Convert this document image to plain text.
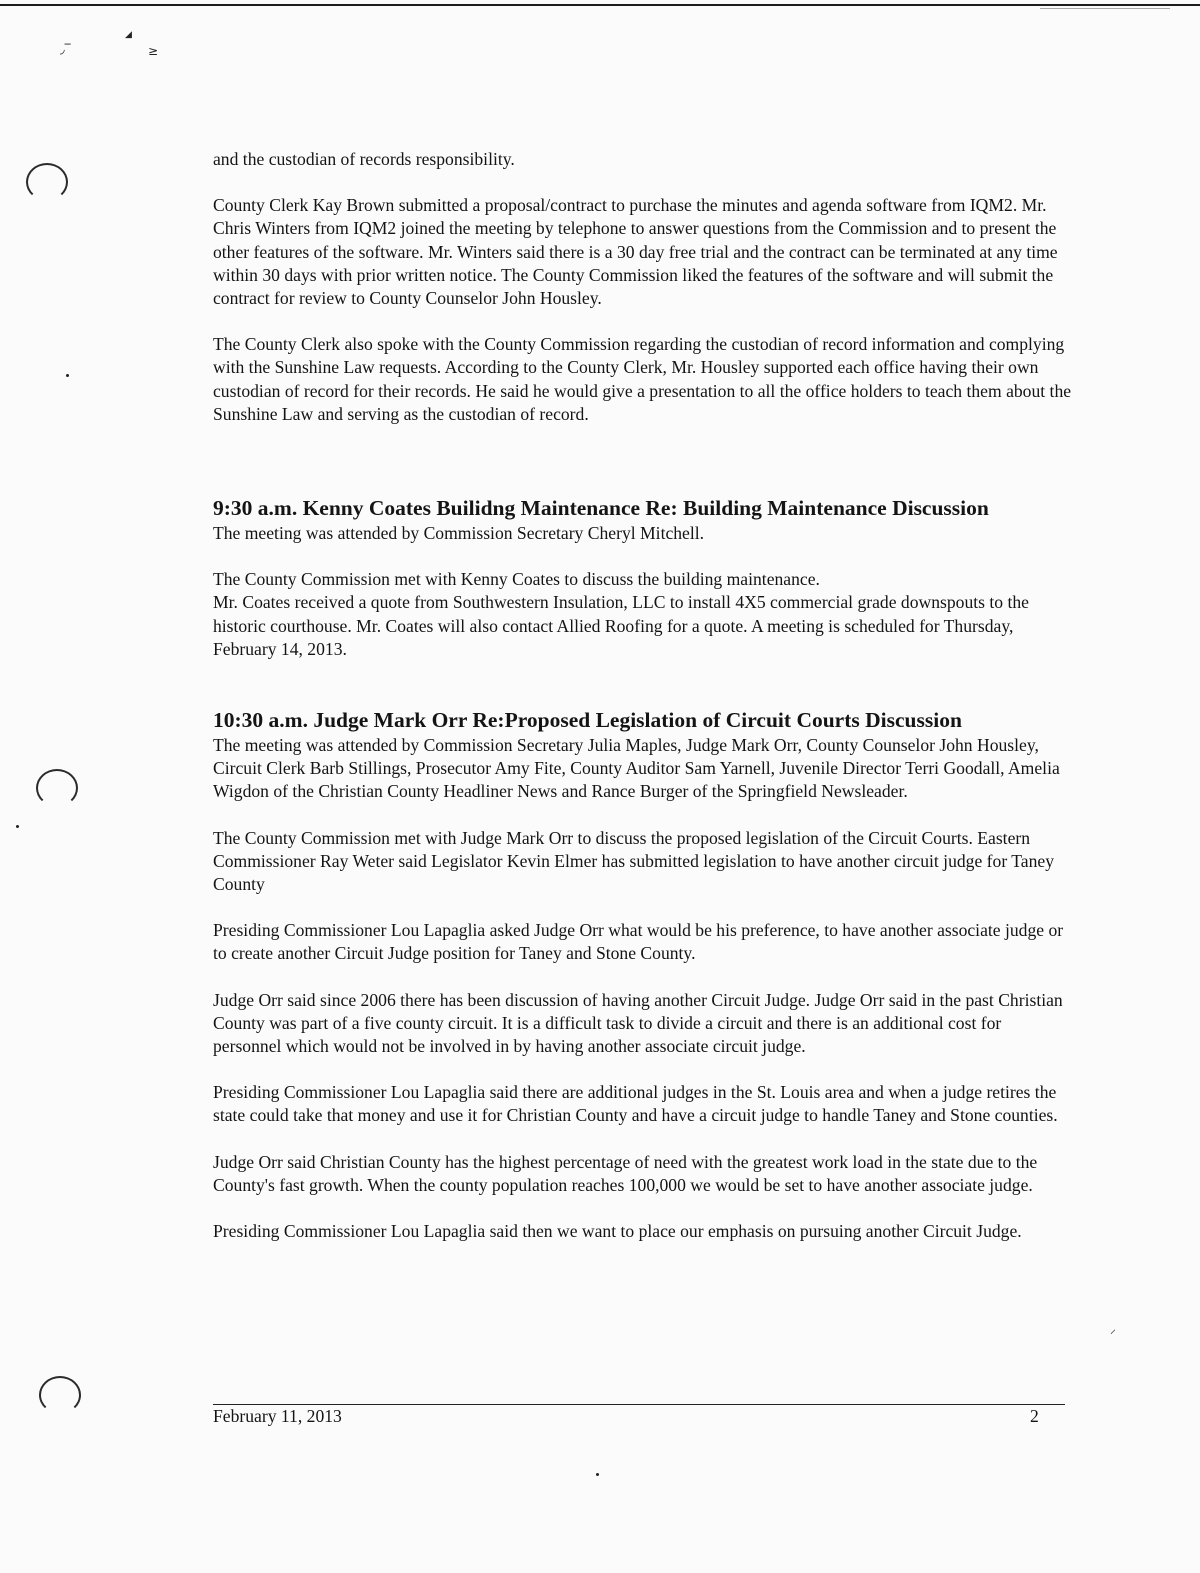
◞‾
◢
≥
⸝

and the custodian of records responsibility.

County Clerk Kay Brown submitted a proposal/contract to purchase the minutes and agenda software from IQM2. Mr. Chris Winters from IQM2 joined the meeting by telephone to answer questions from the Commission and to present the other features of the software. Mr. Winters said there is a 30 day free trial and the contract can be terminated at any time within 30 days with prior written notice. The County Commission liked the features of the software and will submit the contract for review to County Counselor John Housley.

The County Clerk also spoke with the County Commission regarding the custodian of record information and complying with the Sunshine Law requests. According to the County Clerk, Mr. Housley supported each office having their own custodian of record for their records. He said he would give a presentation to all the office holders to teach them about the Sunshine Law and serving as the custodian of record.

9:30 a.m. Kenny Coates Builidng Maintenance Re: Building Maintenance Discussion

The meeting was attended by Commission Secretary Cheryl Mitchell.

The County Commission met with Kenny Coates to discuss the building maintenance.

Mr. Coates received a quote from Southwestern Insulation, LLC to install 4X5 commercial grade downspouts to the historic courthouse. Mr. Coates will also contact Allied Roofing for a quote. A meeting is scheduled for Thursday, February 14, 2013.

10:30 a.m. Judge Mark Orr Re:Proposed Legislation of Circuit Courts Discussion

The meeting was attended by Commission Secretary Julia Maples, Judge Mark Orr, County Counselor John Housley, Circuit Clerk Barb Stillings, Prosecutor Amy Fite, County Auditor Sam Yarnell, Juvenile Director Terri Goodall, Amelia Wigdon of the Christian County Headliner News and Rance Burger of the Springfield Newsleader.

The County Commission met with Judge Mark Orr to discuss the proposed legislation of the Circuit Courts. Eastern Commissioner Ray Weter said Legislator Kevin Elmer has submitted legislation to have another circuit judge for Taney County

Presiding Commissioner Lou Lapaglia asked Judge Orr what would be his preference, to have another associate judge or to create another Circuit Judge position for Taney and Stone County.

Judge Orr said since 2006 there has been discussion of having another Circuit Judge. Judge Orr said in the past Christian County was part of a five county circuit. It is a difficult task to divide a circuit and there is an additional cost for personnel which would not be involved in by having another associate circuit judge.

Presiding Commissioner Lou Lapaglia said there are additional judges in the St. Louis area and when a judge retires the state could take that money and use it for Christian County and have a circuit judge to handle Taney and Stone counties.

Judge Orr said Christian County has the highest percentage of need with the greatest work load in the state due to the County's fast growth. When the county population reaches 100,000 we would be set to have another associate judge.

Presiding Commissioner Lou Lapaglia said then we want to place our emphasis on pursuing another Circuit Judge.

February 11, 2013	2
